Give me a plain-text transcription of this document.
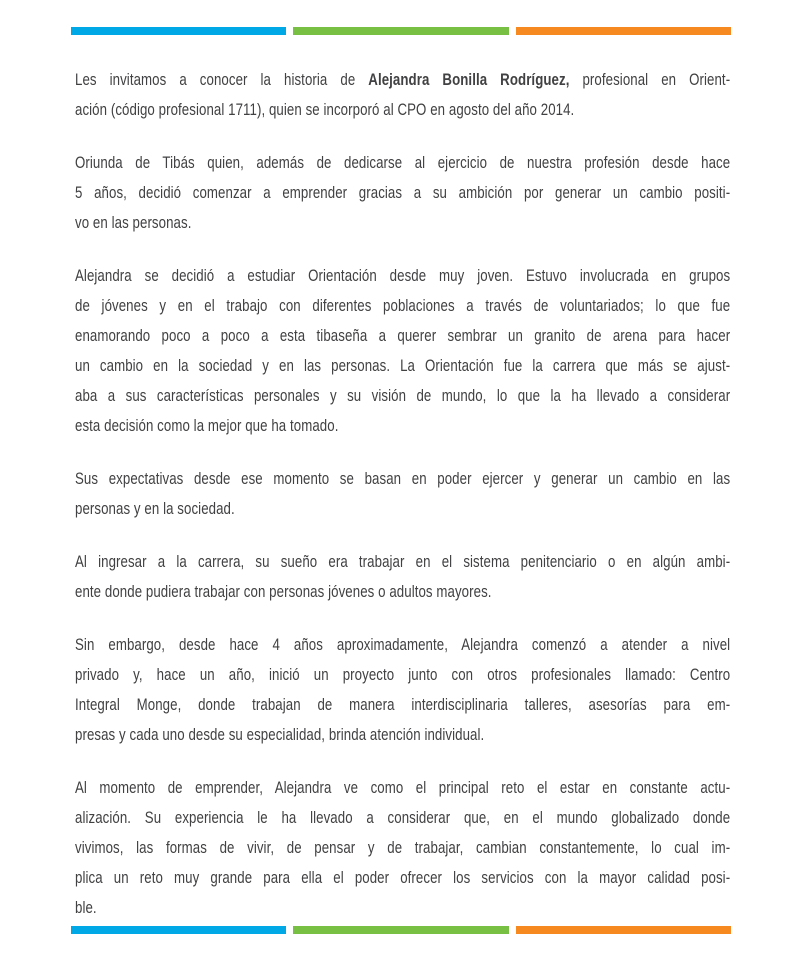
Les invitamos a conocer la historia de Alejandra Bonilla Rodríguez, profesional en Orient-
ación (código profesional 1711), quien se incorporó al CPO en agosto del año 2014.
Oriunda de Tibás quien, además de dedicarse al ejercicio de nuestra profesión desde hace
5 años, decidió comenzar a emprender gracias a su ambición por generar un cambio positi-
vo en las personas.
Alejandra se decidió a estudiar Orientación desde muy joven. Estuvo involucrada en grupos
de jóvenes y en el trabajo con diferentes poblaciones a través de voluntariados; lo que fue
enamorando poco a poco a esta tibaseña a querer sembrar un granito de arena para hacer
un cambio en la sociedad y en las personas. La Orientación fue la carrera que más se ajust-
aba a sus características personales y su visión de mundo, lo que la ha llevado a considerar
esta decisión como la mejor que ha tomado.
Sus expectativas desde ese momento se basan en poder ejercer y generar un cambio en las
personas y en la sociedad.
Al ingresar a la carrera, su sueño era trabajar en el sistema penitenciario o en algún ambi-
ente donde pudiera trabajar con personas jóvenes o adultos mayores.
Sin embargo, desde hace 4 años aproximadamente, Alejandra comenzó a atender a nivel
privado y, hace un año, inició un proyecto junto con otros profesionales llamado: Centro
Integral Monge, donde trabajan de manera interdisciplinaria talleres, asesorías para em-
presas y cada uno desde su especialidad, brinda atención individual.
Al momento de emprender, Alejandra ve como el principal reto el estar en constante actu-
alización. Su experiencia le ha llevado a considerar que, en el mundo globalizado donde
vivimos, las formas de vivir, de pensar y de trabajar, cambian constantemente, lo cual im-
plica un reto muy grande para ella el poder ofrecer los servicios con la mayor calidad posi-
ble.
